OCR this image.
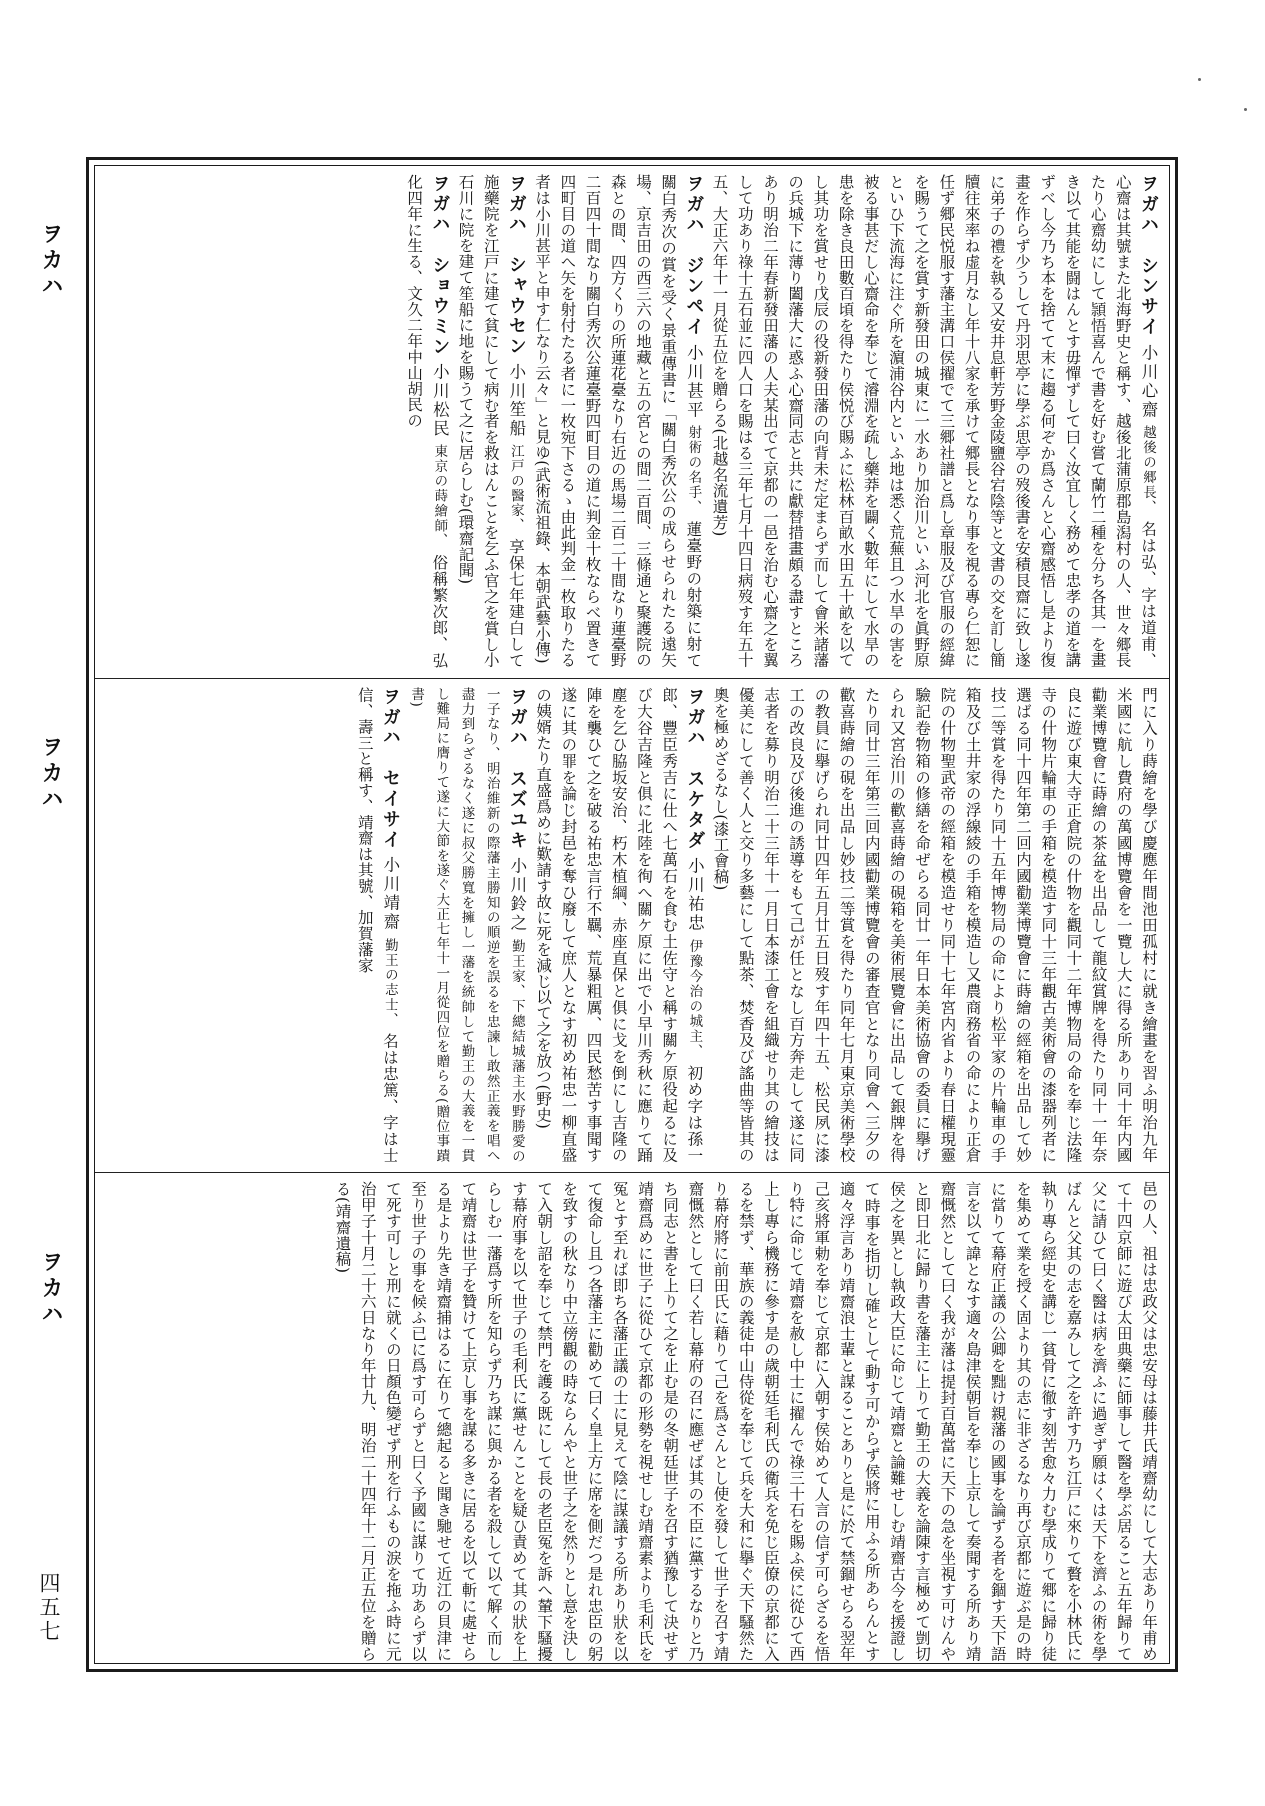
ヲカハ
ヲカハ
ヲカハ
四五七
ヲガハ　シンサイ 小川心齋 越後の郷長、 名は弘、字は道甫、心齋は其號また北海野史と稱す、越後北蒲原郡島潟村の人、世々郷長たり心齋幼にして頴悟喜んで書を好む嘗て蘭竹二種を分ち各其一を畫き以て其能を闘はんとす毋憚ずして曰く汝宜しく務めて忠孝の道を講ずべし今乃ち本を捨てて末に趨る何ぞか爲さんと心齋感悟し是より復畫を作らず少うして丹羽思亭に學ぶ思亭の歿後書を安積艮齋に致し遂に弟子の禮を執る又安井息軒芳野金陵鹽谷宕陰等と文書の交を訂し簡牘往來率ね虚月なし年十八家を承けて郷長となり事を視る專ら仁恕に任ず郷民悦服す藩主溝口侯擢でて三郷社譜と爲し章服及び官服の經緯を賜うて之を賞す新發田の城東に一水あり加治川といふ河北を眞野原といひ下流海に注ぐ所を濵浦谷内といふ地は悉く荒蕪且つ水旱の害を被る事甚だし心齋命を奉じて濬淵を疏し藥莽を闢く數年にして水旱の患を除き良田數百頃を得たり侯悦び賜ふに松林百畝水田五十畝を以てし其功を賞せり戊辰の役新發田藩の向背未だ定まらず而して會米諸藩の兵城下に薄り闔藩大に惑ふ心齋同志と共に獻替措畫頗る盡すところあり明治二年春新發田藩の人夫某出でて京都の一邑を治む心齋之を翼して功あり祿十五石並に四人口を賜はる三年七月十四日病歿す年五十五、大正六年十一月從五位を贈らる(北越名流遺芳)
ヲガハ　ジンペイ 小川甚平 射術の名手、 蓮臺野の射築に射て關白秀次の賞を受く景重傳書に「關白秀次公の成らせられたる遠矢場、京吉田の西三六の地藏と五の宮との間二百間、三條通と聚護院の森との間、四方くりの所蓮花臺なり右近の馬場二百二十間なり蓮臺野二百四十間なり關白秀次公蓮臺野四町目の道に判金十枚ならべ置きて四町目の道へ矢を射付たる者に一枚宛下さるゝ由此判金一枚取りたる者は小川甚平と申す仁なり云々」と見ゆ(武術流祖錄、本朝武藝小傳)
ヲガハ　シャウセン 小川笙船 江戸の醫家、 享保七年建白して施藥院を江戸に建て貧にして病む者を救はんことを乞ふ官之を賞し小石川に院を建て笙船に地を賜うて之に居らしむ(環齋記聞)
ヲガハ　ショウミン 小川松民 東京の蒔繪師、 俗稱繁次郎、弘化四年に生る、文久二年中山胡民の
門に入り蒔繪を學び慶應年間池田孤村に就き繪畫を習ふ明治九年米國に航し費府の萬國博覽會を一覽し大に得る所あり同十年内國勸業博覽會に蒔繪の茶盆を出品して龍紋賞牌を得たり同十一年奈良に遊び東大寺正倉院の什物を觀同十二年博物局の命を奉じ法隆寺の什物片輪車の手箱を模造す同十三年觀古美術會の漆器列者に選ばる同十四年第二回内國勸業博覽會に蒔繪の經箱を出品して妙技二等賞を得たり同十五年博物局の命により松平家の片輪車の手箱及び土井家の浮線綾の手箱を模造し又農商務省の命により正倉院の什物聖武帝の經箱を模造せり同十七年宮内省より春日權現靈驗記卷物箱の修繕を命ぜらる同廿一年日本美術協會の委員に擧げられ又宮治川の歡喜蒔繪の硯箱を美術展覽會に出品して銀牌を得たり同廿三年第三回内國勸業博覽會の審査官となり同會へ三夕の歡喜蒔繪の硯を出品し妙技二等賞を得たり同年七月東京美術學校の教員に擧げられ同廿四年五月廿五日歿す年四十五、松民夙に漆工の改良及び後進の誘導をもて己が任となし百方奔走して遂に同志者を募り明治二十三年十一月日本漆工會を組織せり其の繪技は優美にして善く人と交り多藝にして點茶、焚香及び謠曲等皆其の奧を極めざるなし(漆工會稿)
ヲガハ　スケタダ 小川祐忠 伊豫今治の城主、 初め字は孫一郎、豐臣秀吉に仕へ七萬石を食む土佐守と稱す關ケ原役起るに及び大谷吉隆と俱に北陸を徇へ關ケ原に出で小早川秀秋に應りて踊塵を乞ひ脇坂安治、朽木植綱、赤座直保と俱に戈を倒にし吉隆の陣を襲ひて之を破る祐忠言行不羈、荒暴粗厲、四民愁苦す事聞す遂に其の罪を論じ封邑を奪ひ廢して庶人となす初め祐忠一柳直盛の姨婿たり直盛爲めに歎請す故に死を減じ以て之を放つ(野史)
ヲガハ　スズユキ 小川鈴之 勤王家、下總結城藩主水野勝愛の一子なり、明治維新の際藩主勝知の順逆を誤るを忠諫し敢然正義を唱へ盡力到らざるなく遂に叔父勝寬を擁し一藩を統帥して勤王の大義を一貫し難局に膺りて遂に大節を遂ぐ大正七年十一月從四位を贈らる(贈位事蹟書)
ヲガハ　セイサイ 小川靖齋 勤王の志士、 名は忠篤、字は士信、壽三と稱す、靖齋は其號、加賀藩家
邑の人、祖は忠政父は忠安母は藤井氏靖齋幼にして大志あり年甫めて十四京師に遊び太田典藥に師事して醫を學ぶ居ること五年歸りて父に請ひて曰く醫は病を濟ふに過ぎず願はくは天下を濟ふの術を學ばんと父其の志を嘉みして之を許す乃ち江戸に來りて贅を小林氏に執り專ら經史を講じ一貧骨に徹す刻苦愈々力む學成りて郷に歸り徒を集めて業を授く固より其の志に非ざるなり再び京都に遊ぶ是の時に當りて幕府正議の公卿を黜け親藩の國事を論ずる者を錮す天下語言を以て諱となす適々島津侯朝旨を奉じ上京して奏聞する所あり靖齋慨然として曰く我が藩は提封百萬當に天下の急を坐視す可けんやと即日北に歸り書を藩主に上りて勤王の大義を論陳す言極めて剴切侯之を異とし執政大臣に命じて靖齋と論難せしむ靖齋古今を援證して時事を指切し確として動す可からず侯將に用ふる所あらんとす適々浮言あり靖齋浪士輩と謀ることありと是に於て禁錮せらる翌年己亥將軍勅を奉じて京都に入朝す侯始めて人言の信ず可らざるを悟り特に命じて靖齋を赦し中士に擢んで祿三十石を賜ふ侯に從ひて西上し專ら機務に參す是の歲朝廷毛利氏の衛兵を免じ臣僚の京都に入るを禁ず、華族の義徒中山侍從を奉じて兵を大和に擧ぐ天下騷然たり幕府將に前田氏に藉りて己を爲さんとし使を發して世子を召す靖齋慨然として曰く若し幕府の召に應ぜば其の不臣に黨するなりと乃ち同志と書を上りて之を止む是の冬朝廷世子を召す猶豫して決せず靖齋爲めに世子に從ひて京都の形勢を視せしむ靖齋素より毛利氏を冤とす至れば即ち各藩正議の士に見えて陰に謀議する所あり狀を以て復命し且つ各藩主に勸めて曰く皇上方に席を側だつ是れ忠臣の躬を致すの秋なり中立傍觀の時ならんやと世子之を然りとし意を決して入朝し詔を奉じて禁門を護る既にして長の老臣冤を訴へ輦下騷擾す幕府事を以て世子の毛利氏に黨せんことを疑ひ責めて其の狀を上らしむ一藩爲す所を知らず乃ち謀に與かる者を殺して以て解く而して靖齋は世子を贊けて上京し事を謀る多きに居るを以て斬に處せらる是より先き靖齋捕はるに在りて總起ると聞き馳せて近江の貝津に至り世子の事を候ふ已に爲す可らずと曰く予國に謀りて功あらず以て死す可しと刑に就くの日顏色變ぜず刑を行ふもの淚を拖ふ時に元治甲子十月二十六日なり年廿九、明治二十四年十二月正五位を贈らる(靖齋遺稿)
